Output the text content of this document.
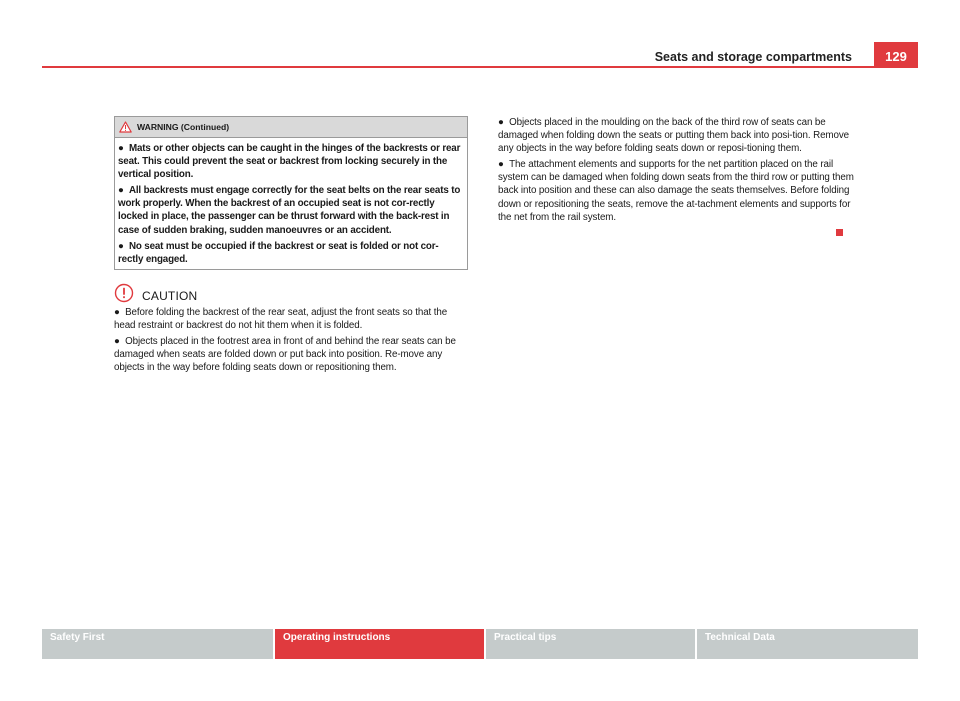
Seats and storage compartments	129
WARNING (Continued)

● Mats or other objects can be caught in the hinges of the backrests or rear seat. This could prevent the seat or backrest from locking securely in the vertical position.

● All backrests must engage correctly for the seat belts on the rear seats to work properly. When the backrest of an occupied seat is not cor-rectly locked in place, the passenger can be thrust forward with the back-rest in case of sudden braking, sudden manoeuvres or an accident.

● No seat must be occupied if the backrest or seat is folded or not cor-rectly engaged.

CAUTION

● Before folding the backrest of the rear seat, adjust the front seats so that the head restraint or backrest do not hit them when it is folded.

● Objects placed in the footrest area in front of and behind the rear seats can be damaged when seats are folded down or put back into position. Re-move any objects in the way before folding seats down or repositioning them.

● Objects placed in the moulding on the back of the third row of seats can be damaged when folding down the seats or putting them back into posi-tion. Remove any objects in the way before folding seats down or reposi-tioning them.

● The attachment elements and supports for the net partition placed on the rail system can be damaged when folding down seats from the third row or putting them back into position and these can also damage the seats themselves. Before folding down or repositioning the seats, remove the at-tachment elements and supports for the net from the rail system.

Safety First	Operating instructions	Practical tips	Technical Data
